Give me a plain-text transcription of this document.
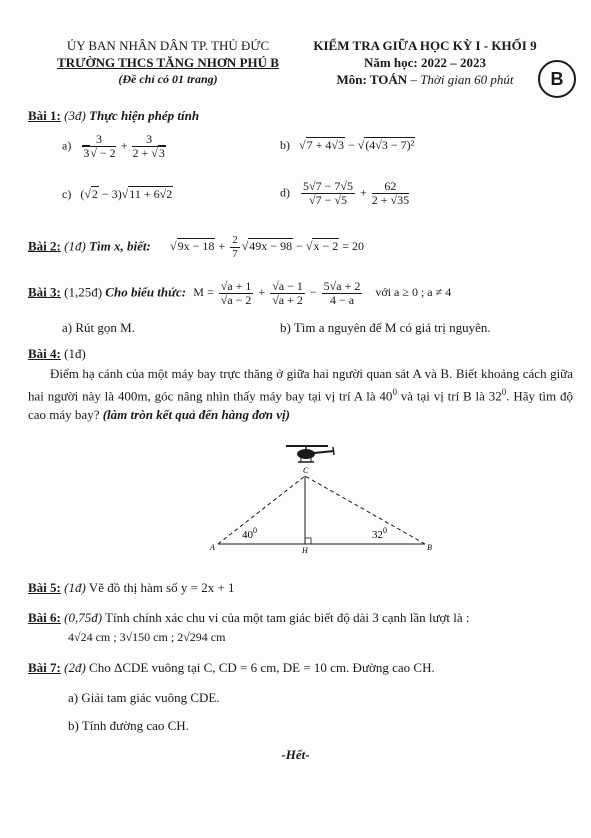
ỦY BAN NHÂN DÂN TP. THỦ ĐỨC
TRƯỜNG THCS TĂNG NHƠN PHÚ B
(Đề chỉ có 01 trang)
KIỂM TRA GIỮA HỌC KỲ I - KHỐI 9
Năm học: 2022 – 2023
Môn: TOÁN – Thời gian 60 phút	B
Bài 1: (3đ) Thực hiện phép tính
$a) \frac{3}{3√ - 2} + \frac{3}{2 + √3}$	b)   √7 + 4√3 − √(4√3 − 7)²
c)   (√2 − 3)√11 + 6√2	$d) \frac{5√7 - 7√5}{√7 - √5} + \frac{62}{2 + √35}$
Bài 2: (1đ) Tìm x, biết: $√9x - 18 + \frac{2}{7} √49x - 98 - √x - 2 = 20$
Bài 3: (1,25đ) Cho biểu thức: $M = \frac{√a + 1}{√a - 2} + \frac{√a - 1}{√a + 2} - \frac{5√a + 2}{4 - a}$ với a ≥ 0 ; a ≠ 4
a) Rút gọn M.	b) Tìm a nguyên để M có giá trị nguyên.
Bài 4: (1đ)

Điểm hạ cánh của một máy bay trực thăng ở giữa hai người quan sát A và B. Biết khoảng cách giữa hai người này là 400m, góc nâng nhìn thấy máy bay tại vị trí A là $40^0$ và tại vị trí B là $32^0$. Hãy tìm độ cao máy bay? (làm tròn kết quả đến hàng đơn vị)

C
A	H	B
$40^0$	$32^0$
Bài 5: (1đ) Vẽ đồ thị hàm số y = 2x + 1
Bài 6: (0,75đ) Tính chính xác chu vi của một tam giác biết độ dài 3 cạnh lần lượt là :
4√24 cm ; 3√150 cm ; 2√294 cm
Bài 7: (2đ) Cho ΔCDE vuông tại C, CD = 6 cm, DE = 10 cm. Đường cao CH.
a) Giải tam giác vuông CDE.
b) Tính đường cao CH.
-Hết-
